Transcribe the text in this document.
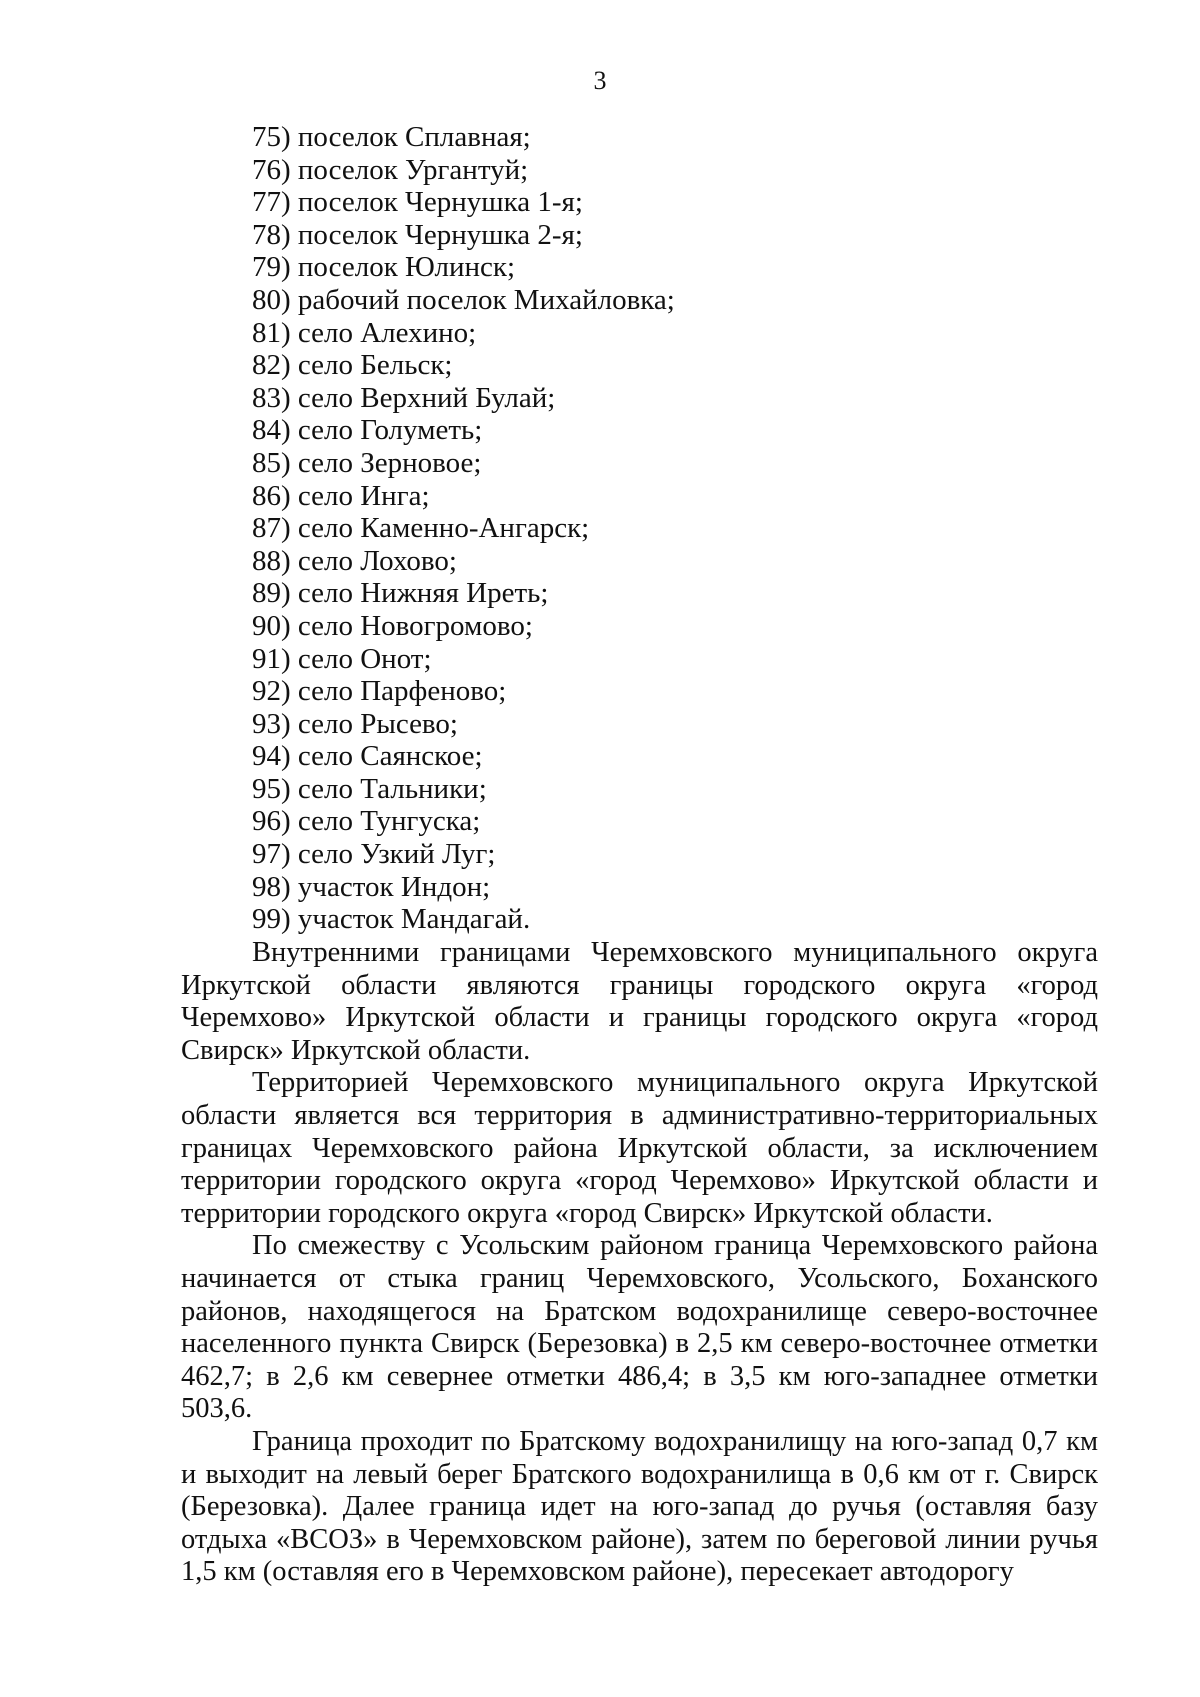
3
75) поселок Сплавная;
76) поселок Ургантуй;
77) поселок Чернушка 1-я;
78) поселок Чернушка 2-я;
79) поселок Юлинск;
80) рабочий поселок Михайловка;
81) село Алехино;
82) село Бельск;
83) село Верхний Булай;
84) село Голуметь;
85) село Зерновое;
86) село Инга;
87) село Каменно-Ангарск;
88) село Лохово;
89) село Нижняя Иреть;
90) село Новогромово;
91) село Онот;
92) село Парфеново;
93) село Рысево;
94) село Саянское;
95) село Тальники;
96) село Тунгуска;
97) село Узкий Луг;
98) участок Индон;
99) участок Мандагай.

Внутренними границами Черемховского муниципального округа Иркутской области являются границы городского округа «город Черемхово» Иркутской области и границы городского округа «город Свирск» Иркутской области.

Территорией Черемховского муниципального округа Иркутской области является вся территория в административно-территориальных границах Черемховского района Иркутской области, за исключением территории городского округа «город Черемхово» Иркутской области и территории городского округа «город Свирск» Иркутской области.

По смежеству с Усольским районом граница Черемховского района начинается от стыка границ Черемховского, Усольского, Боханского районов, находящегося на Братском водохранилище северо-восточнее населенного пункта Свирск (Березовка) в 2,5 км северо-восточнее отметки 462,7; в 2,6 км севернее отметки 486,4; в 3,5 км юго-западнее отметки 503,6.

Граница проходит по Братскому водохранилищу на юго-запад 0,7 км и выходит на левый берег Братского водохранилища в 0,6 км от г. Свирск (Березовка). Далее граница идет на юго-запад до ручья (оставляя базу отдыха «ВСОЗ» в Черемховском районе), затем по береговой линии ручья 1,5 км (оставляя его в Черемховском районе), пересекает автодорогу
